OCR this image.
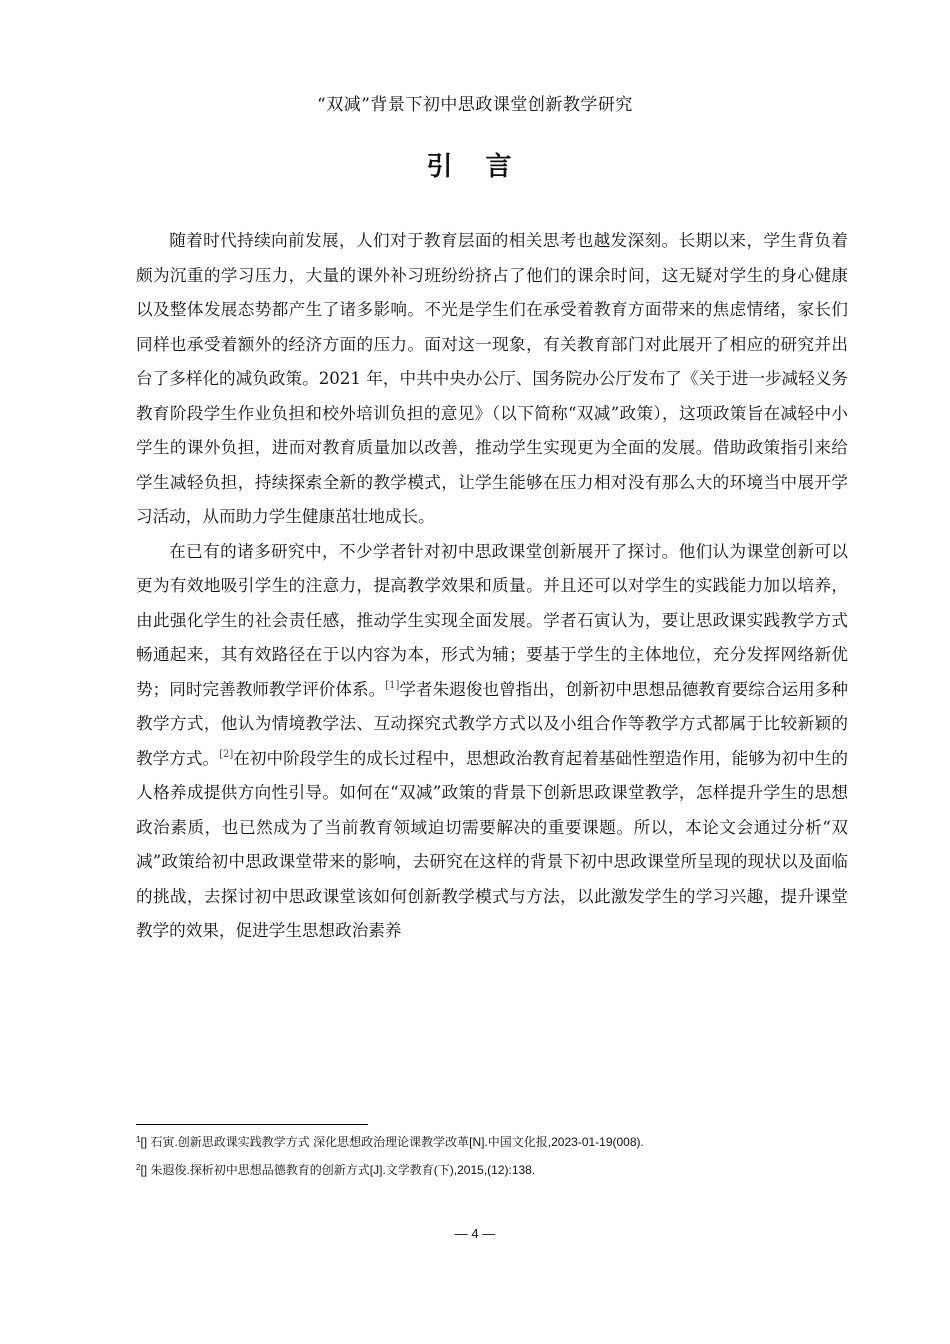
“双减”背景下初中思政课堂创新教学研究
引 言

随着时代持续向前发展，人们对于教育层面的相关思考也越发深刻。长期以来，学生背负着颇为沉重的学习压力，大量的课外补习班纷纷挤占了他们的课余时间，这无疑对学生的身心健康以及整体发展态势都产生了诸多影响。不光是学生们在承受着教育方面带来的焦虑情绪，家长们同样也承受着额外的经济方面的压力。面对这一现象，有关教育部门对此展开了相应的研究并出台了多样化的减负政策。2021 年，中共中央办公厅、国务院办公厅发布了《关于进一步减轻义务教育阶段学生作业负担和校外培训负担的意见》（以下简称“双减”政策），这项政策旨在减轻中小学生的课外负担，进而对教育质量加以改善，推动学生实现更为全面的发展。借助政策指引来给学生减轻负担，持续探索全新的教学模式，让学生能够在压力相对没有那么大的环境当中展开学习活动，从而助力学生健康茁壮地成长。

在已有的诸多研究中，不少学者针对初中思政课堂创新展开了探讨。他们认为课堂创新可以更为有效地吸引学生的注意力，提高教学效果和质量。并且还可以对学生的实践能力加以培养，由此强化学生的社会责任感，推动学生实现全面发展。学者石寅认为，要让思政课实践教学方式畅通起来，其有效路径在于以内容为本，形式为辅；要基于学生的主体地位，充分发挥网络新优势；同时完善教师教学评价体系。[1]学者朱遐俊也曾指出，创新初中思想品德教育要综合运用多种教学方式，他认为情境教学法、互动探究式教学方式以及小组合作等教学方式都属于比较新颖的教学方式。[2]在初中阶段学生的成长过程中，思想政治教育起着基础性塑造作用，能够为初中生的人格养成提供方向性引导。如何在“双减”政策的背景下创新思政课堂教学，怎样提升学生的思想政治素质，也已然成为了当前教育领域迫切需要解决的重要课题。所以，本论文会通过分析“双减”政策给初中思政课堂带来的影响，去研究在这样的背景下初中思政课堂所呈现的现状以及面临的挑战，去探讨初中思政课堂该如何创新教学模式与方法，以此激发学生的学习兴趣，提升课堂教学的效果，促进学生思想政治素养

$^1$[] 石寅.创新思政课实践教学方式 深化思想政治理论课教学改革[N].中国文化报,2023-01-19(008).
$^2$[] 朱遐俊.探析初中思想品德教育的创新方式[J].文学教育(下),2015,(12):138.
— 4 —
